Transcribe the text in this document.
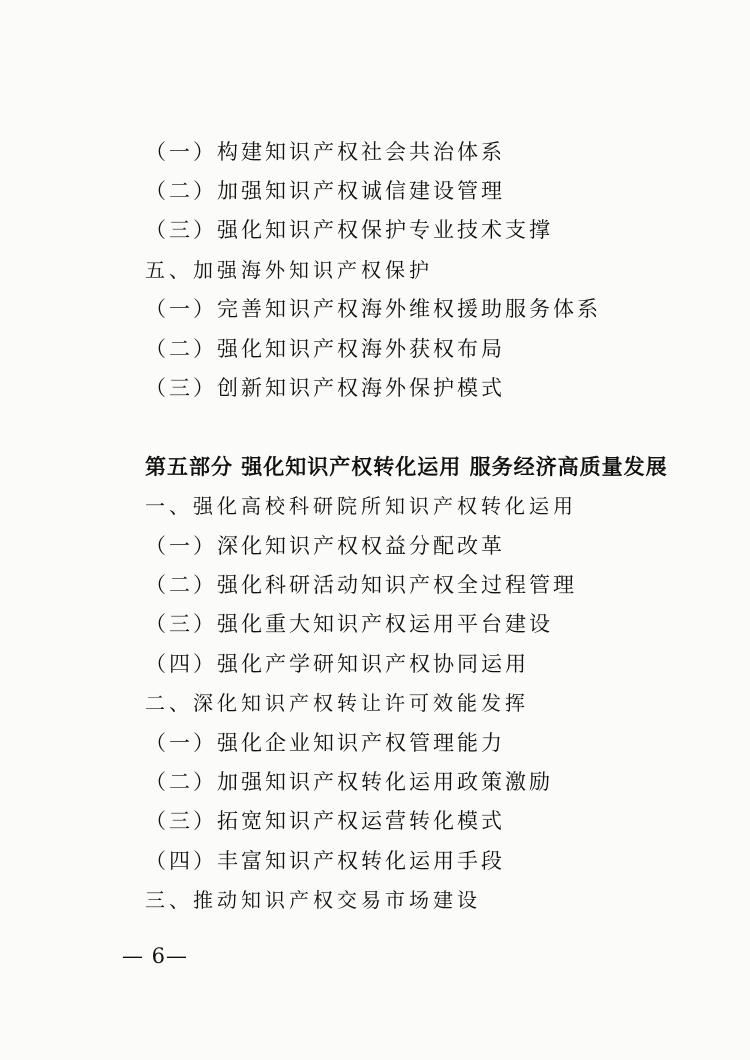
（一）构建知识产权社会共治体系
（二）加强知识产权诚信建设管理
（三）强化知识产权保护专业技术支撑
五、加强海外知识产权保护
（一）完善知识产权海外维权援助服务体系
（二）强化知识产权海外获权布局
（三）创新知识产权海外保护模式
第五部分 强化知识产权转化运用 服务经济高质量发展
一、强化高校科研院所知识产权转化运用
（一）深化知识产权权益分配改革
（二）强化科研活动知识产权全过程管理
（三）强化重大知识产权运用平台建设
（四）强化产学研知识产权协同运用
二、深化知识产权转让许可效能发挥
（一）强化企业知识产权管理能力
（二）加强知识产权转化运用政策激励
（三）拓宽知识产权运营转化模式
（四）丰富知识产权转化运用手段
三、推动知识产权交易市场建设
— 6—
